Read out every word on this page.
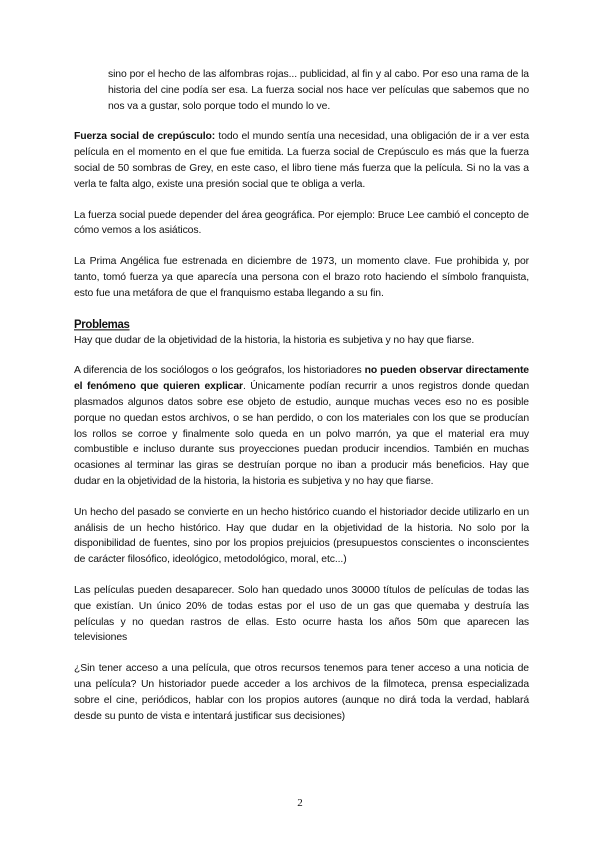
sino por el hecho de las alfombras rojas... publicidad, al fin y al cabo. Por eso una rama de la historia del cine podía ser esa. La fuerza social nos hace ver películas que sabemos que no nos va a gustar, solo porque todo el mundo lo ve.

Fuerza social de crepúsculo: todo el mundo sentía una necesidad, una obligación de ir a ver esta película en el momento en el que fue emitida. La fuerza social de Crepúsculo es más que la fuerza social de 50 sombras de Grey, en este caso, el libro tiene más fuerza que la película. Si no la vas a verla te falta algo, existe una presión social que te obliga a verla.

La fuerza social puede depender del área geográfica. Por ejemplo: Bruce Lee cambió el concepto de cómo vemos a los asiáticos.

La Prima Angélica fue estrenada en diciembre de 1973, un momento clave. Fue prohibida y, por tanto, tomó fuerza ya que aparecía una persona con el brazo roto haciendo el símbolo franquista, esto fue una metáfora de que el franquismo estaba llegando a su fin.

Problemas

Hay que dudar de la objetividad de la historia, la historia es subjetiva y no hay que fiarse.

A diferencia de los sociólogos o los geógrafos, los historiadores no pueden observar directamente el fenómeno que quieren explicar. Únicamente podían recurrir a unos registros donde quedan plasmados algunos datos sobre ese objeto de estudio, aunque muchas veces eso no es posible porque no quedan estos archivos, o se han perdido, o con los materiales con los que se producían los rollos se corroe y finalmente solo queda en un polvo marrón, ya que el material era muy combustible e incluso durante sus proyecciones puedan producir incendios. También en muchas ocasiones al terminar las giras se destruían porque no iban a producir más beneficios. Hay que dudar en la objetividad de la historia, la historia es subjetiva y no hay que fiarse.

Un hecho del pasado se convierte en un hecho histórico cuando el historiador decide utilizarlo en un análisis de un hecho histórico. Hay que dudar en la objetividad de la historia. No solo por la disponibilidad de fuentes, sino por los propios prejuicios (presupuestos conscientes o inconscientes de carácter filosófico, ideológico, metodológico, moral, etc...)

Las películas pueden desaparecer. Solo han quedado unos 30000 títulos de películas de todas las que existían. Un único 20% de todas estas por el uso de un gas que quemaba y destruía las películas y no quedan rastros de ellas. Esto ocurre hasta los años 50m que aparecen las televisiones

¿Sin tener acceso a una película, que otros recursos tenemos para tener acceso a una noticia de una película? Un historiador puede acceder a los archivos de la filmoteca, prensa especializada sobre el cine, periódicos, hablar con los propios autores (aunque no dirá toda la verdad, hablará desde su punto de vista e intentará justificar sus decisiones)

2
